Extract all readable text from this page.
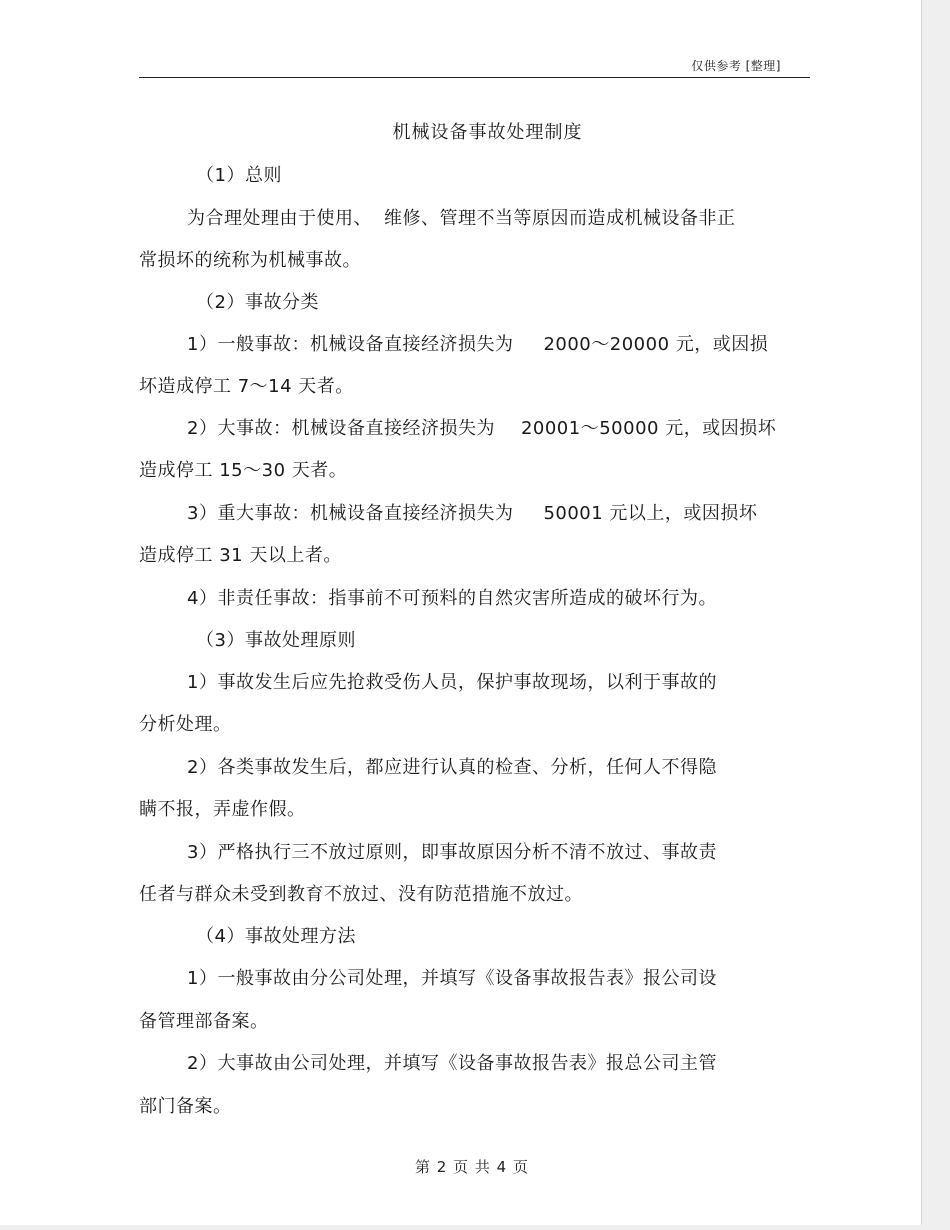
仅供参考 [整理]
机械设备事故处理制度
（1）总则
为合理处理由于使用、 维修、管理不当等原因而造成机械设备非正
常损坏的统称为机械事故。
（2）事故分类
1）一般事故：机械设备直接经济损失为 2000～20000 元，或因损
坏造成停工 7～14 天者。
2）大事故：机械设备直接经济损失为 20001～50000 元，或因损坏
造成停工 15～30 天者。
3）重大事故：机械设备直接经济损失为 50001 元以上，或因损坏
造成停工 31 天以上者。
4）非责任事故：指事前不可预料的自然灾害所造成的破坏行为。
（3）事故处理原则
1）事故发生后应先抢救受伤人员，保护事故现场，以利于事故的
分析处理。
2）各类事故发生后，都应进行认真的检查、分析，任何人不得隐
瞒不报，弄虚作假。
3）严格执行三不放过原则，即事故原因分析不清不放过、事故责
任者与群众未受到教育不放过、没有防范措施不放过。
（4）事故处理方法
1）一般事故由分公司处理，并填写《设备事故报告表》报公司设
备管理部备案。
2）大事故由公司处理，并填写《设备事故报告表》报总公司主管
部门备案。
第 2 页 共 4 页
